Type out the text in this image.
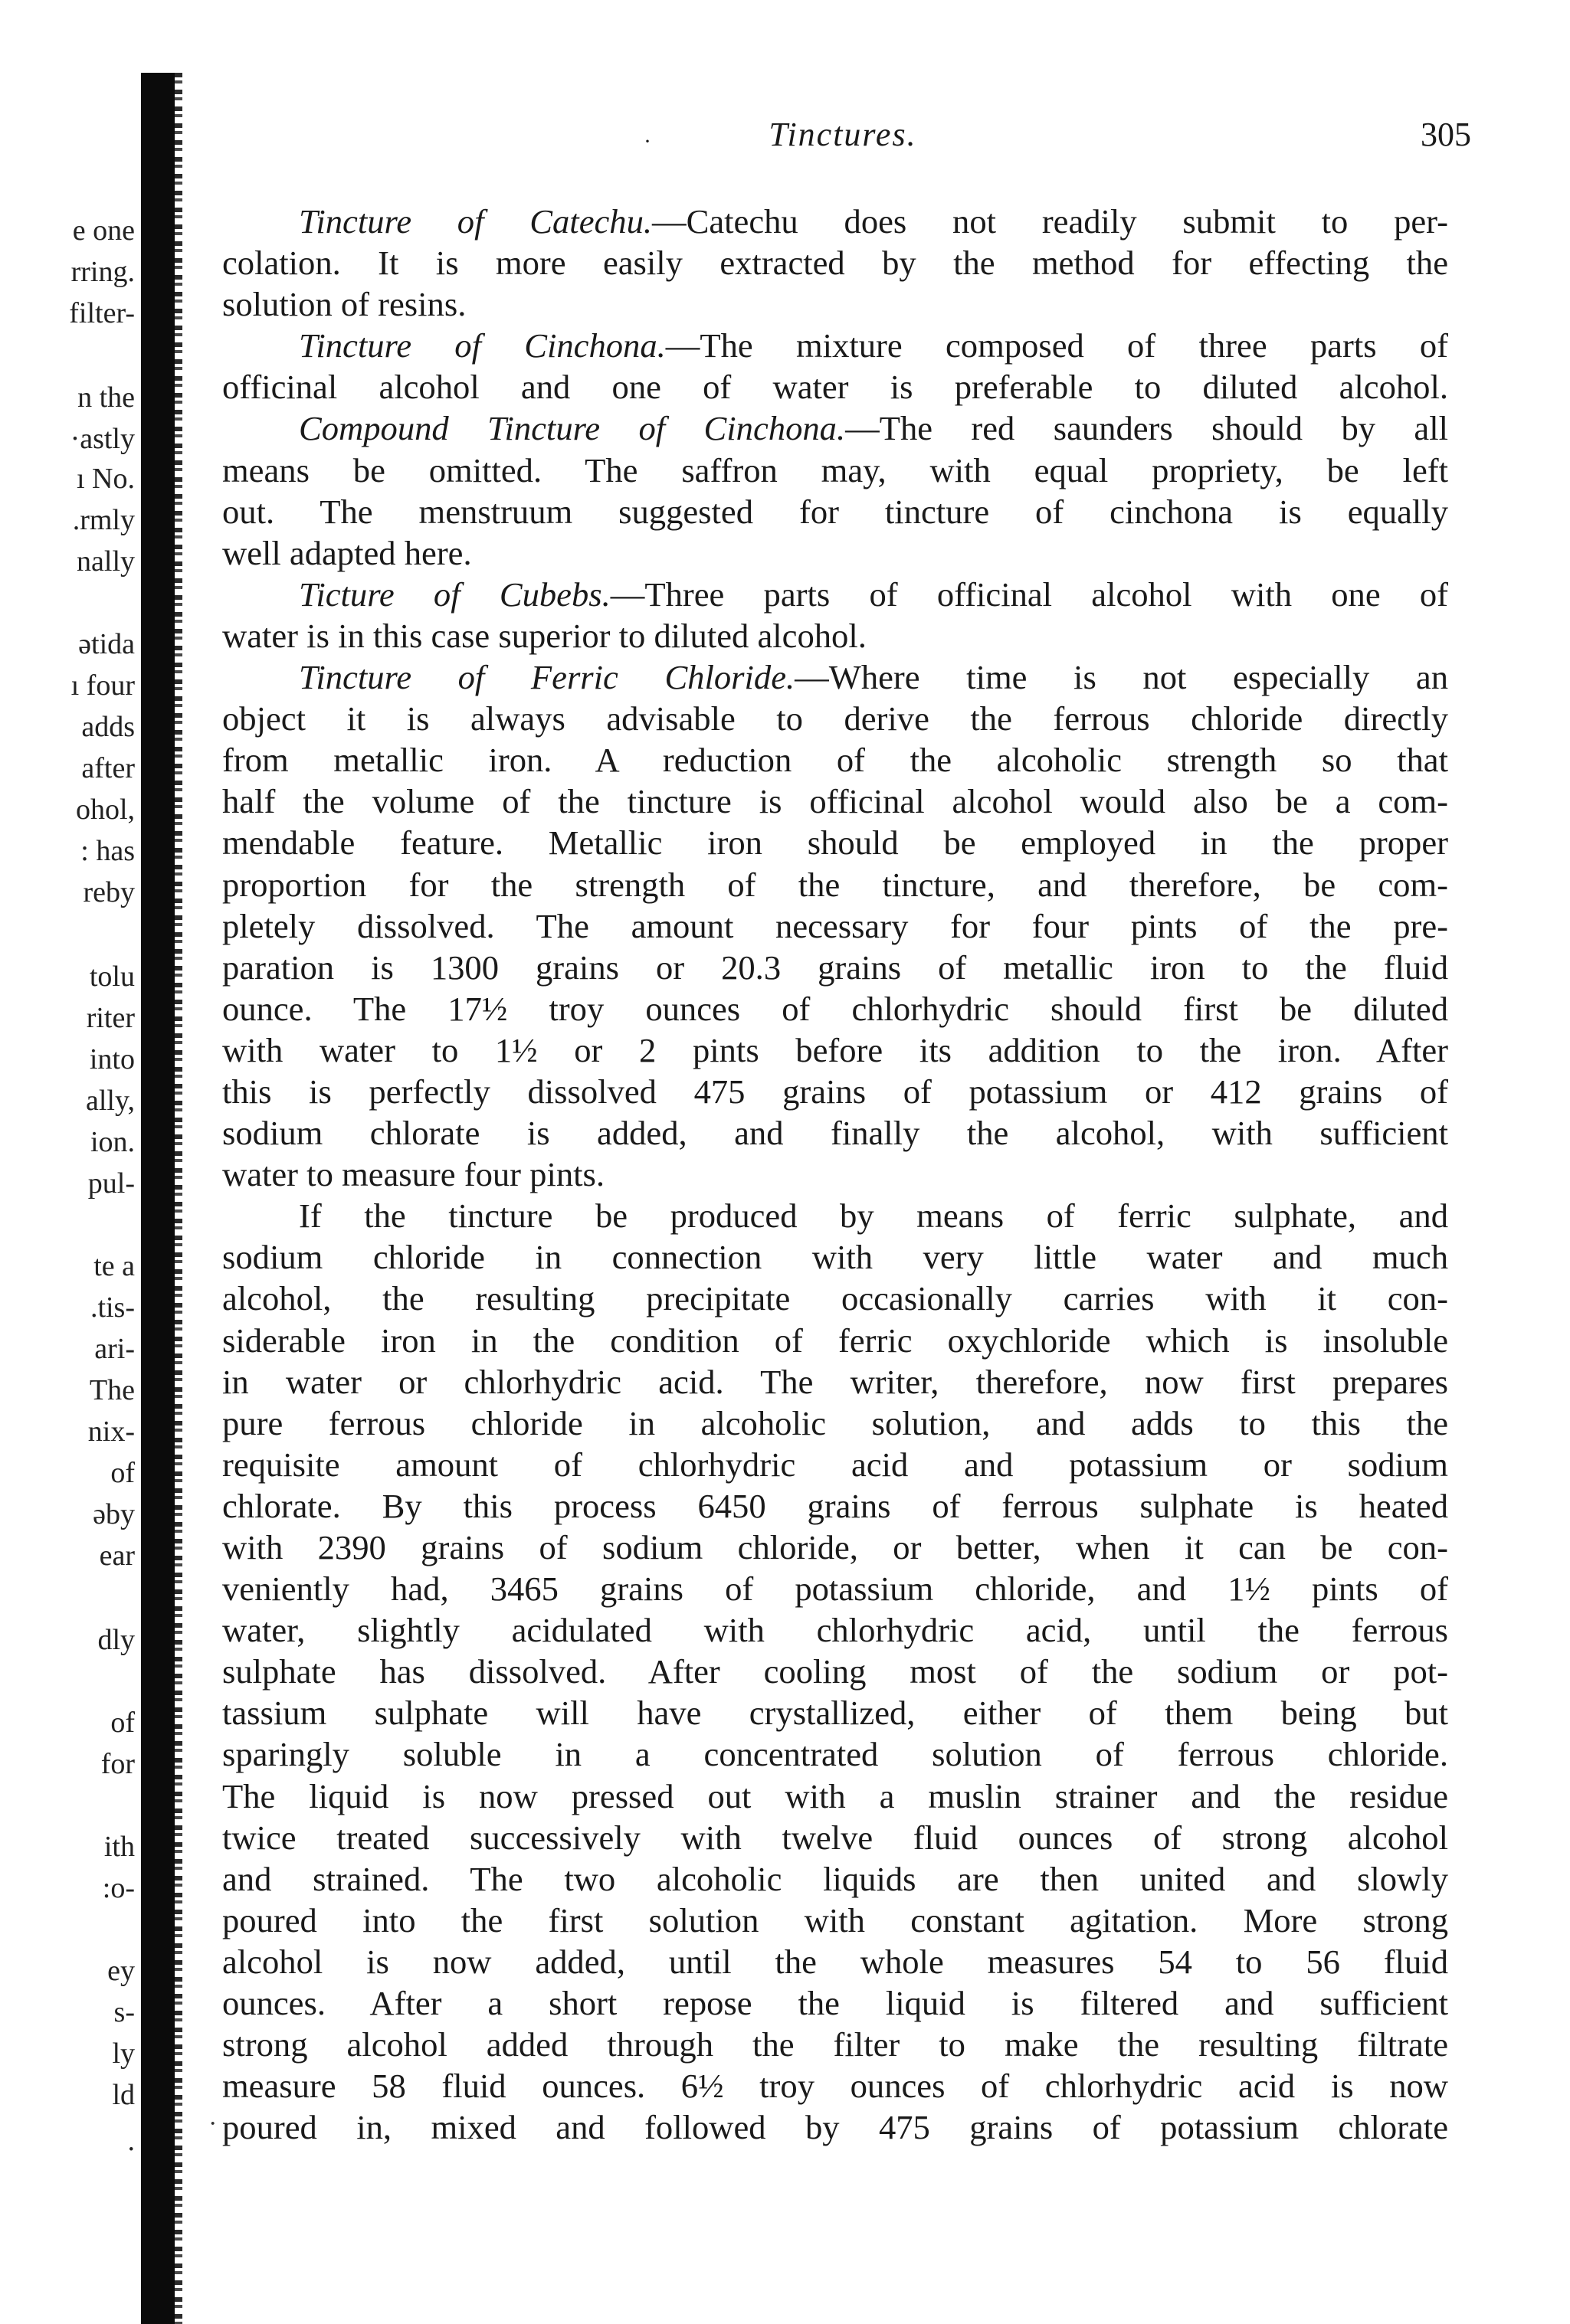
e one
rring.
filter-
n the
·astly
ı No.
.rmly
nally
ətida
ı four
adds
after
ohol,
: has
reby
tolu
riter
into
ally,
ion.
pul-
te a
.tis-
ari-
The
nix-
of
əby
ear
dly
of
for
ith
:o-
ey
s-
ly
ld
.
·	Tinctures.	305
Tincture of Catechu.—Catechu does not readily submit to per-
colation. It is more easily extracted by the method for effecting the
solution of resins.
Tincture of Cinchona.—The mixture composed of three parts of
officinal alcohol and one of water is preferable to diluted alcohol.
Compound Tincture of Cinchona.—The red saunders should by all
means be omitted. The saffron may, with equal propriety, be left
out. The menstruum suggested for tincture of cinchona is equally
well adapted here.
Ticture of Cubebs.—Three parts of officinal alcohol with one of
water is in this case superior to diluted alcohol.
Tincture of Ferric Chloride.—Where time is not especially an
object it is always advisable to derive the ferrous chloride directly
from metallic iron. A reduction of the alcoholic strength so that
half the volume of the tincture is officinal alcohol would also be a com-
mendable feature. Metallic iron should be employed in the proper
proportion for the strength of the tincture, and therefore, be com-
pletely dissolved. The amount necessary for four pints of the pre-
paration is 1300 grains or 20.3 grains of metallic iron to the fluid
ounce. The 17½ troy ounces of chlorhydric should first be diluted
with water to 1½ or 2 pints before its addition to the iron. After
this is perfectly dissolved 475 grains of potassium or 412 grains of
sodium chlorate is added, and finally the alcohol, with sufficient
water to measure four pints.
If the tincture be produced by means of ferric sulphate, and
sodium chloride in connection with very little water and much
alcohol, the resulting precipitate occasionally carries with it con-
siderable iron in the condition of ferric oxychloride which is insoluble
in water or chlorhydric acid. The writer, therefore, now first prepares
pure ferrous chloride in alcoholic solution, and adds to this the
requisite amount of chlorhydric acid and potassium or sodium
chlorate. By this process 6450 grains of ferrous sulphate is heated
with 2390 grains of sodium chloride, or better, when it can be con-
veniently had, 3465 grains of potassium chloride, and 1½ pints of
water, slightly acidulated with chlorhydric acid, until the ferrous
sulphate has dissolved. After cooling most of the sodium or pot-
tassium sulphate will have crystallized, either of them being but
sparingly soluble in a concentrated solution of ferrous chloride.
The liquid is now pressed out with a muslin strainer and the residue
twice treated successively with twelve fluid ounces of strong alcohol
and strained. The two alcoholic liquids are then united and slowly
poured into the first solution with constant agitation. More strong
alcohol is now added, until the whole measures 54 to 56 fluid
ounces. After a short repose the liquid is filtered and sufficient
strong alcohol added through the filter to make the resulting filtrate
measure 58 fluid ounces. 6½ troy ounces of chlorhydric acid is now
poured in, mixed and followed by 475 grains of potassium chlorate
·
